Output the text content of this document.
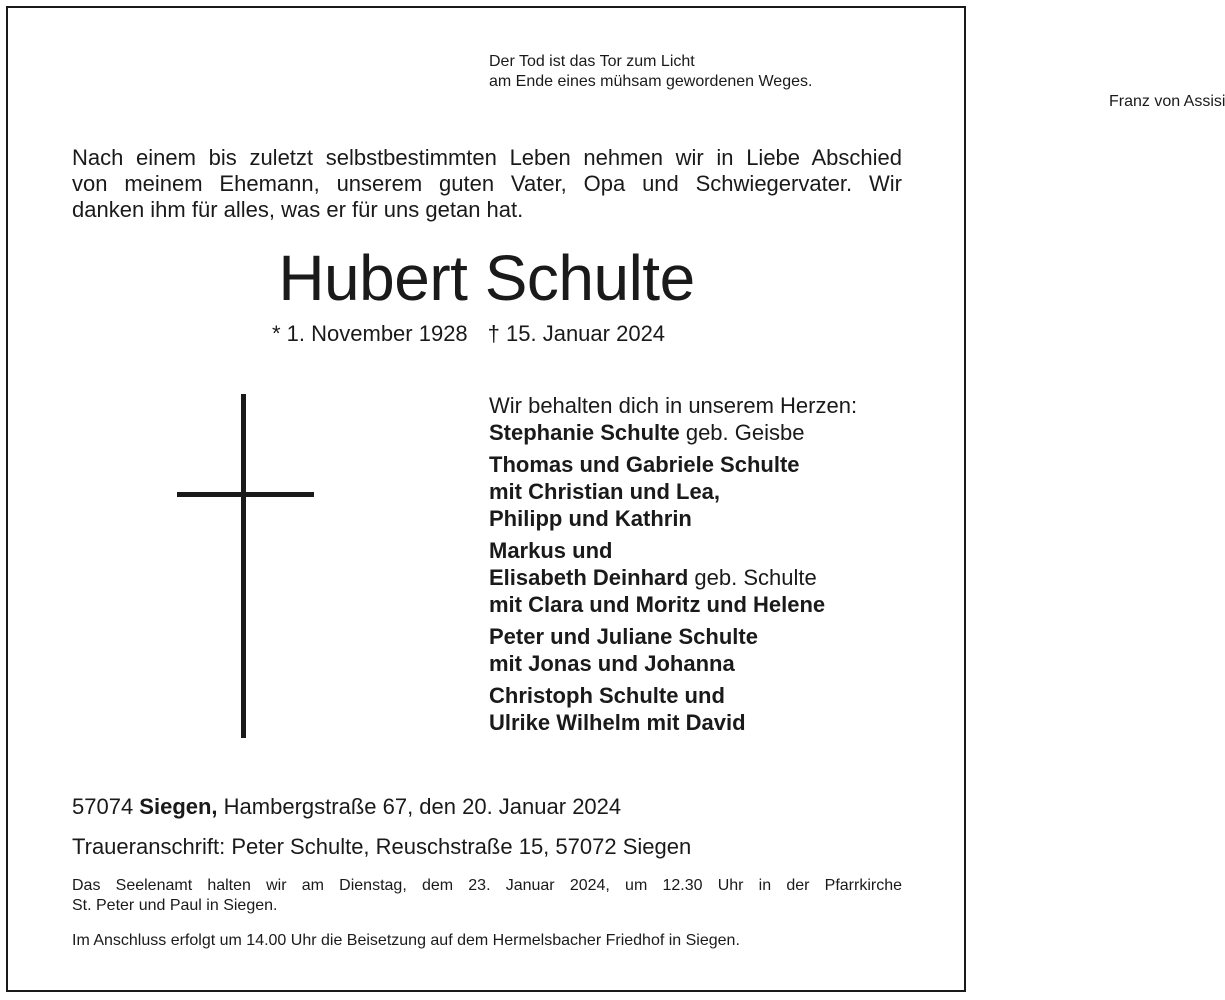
Der Tod ist das Tor zum Licht
am Ende eines mühsam gewordenen Weges.
Franz von Assisi
Nach einem bis zuletzt selbstbestimmten Leben nehmen wir in Liebe Abschied
von meinem Ehemann, unserem guten Vater, Opa und Schwiegervater. Wir
danken ihm für alles, was er für uns getan hat.
Hubert Schulte
* 1. November 1928 † 15. Januar 2024
Wir behalten dich in unserem Herzen:
Stephanie Schulte geb. Geisbe
Thomas und Gabriele Schulte
mit Christian und Lea,
Philipp und Kathrin
Markus und
Elisabeth Deinhard geb. Schulte
mit Clara und Moritz und Helene
Peter und Juliane Schulte
mit Jonas und Johanna
Christoph Schulte und
Ulrike Wilhelm mit David
57074 Siegen, Hambergstraße 67, den 20. Januar 2024
Traueranschrift: Peter Schulte, Reuschstraße 15, 57072 Siegen
Das Seelenamt halten wir am Dienstag, dem 23. Januar 2024, um 12.30 Uhr in der Pfarrkirche
St. Peter und Paul in Siegen.
Im Anschluss erfolgt um 14.00 Uhr die Beisetzung auf dem Hermelsbacher Friedhof in Siegen.
